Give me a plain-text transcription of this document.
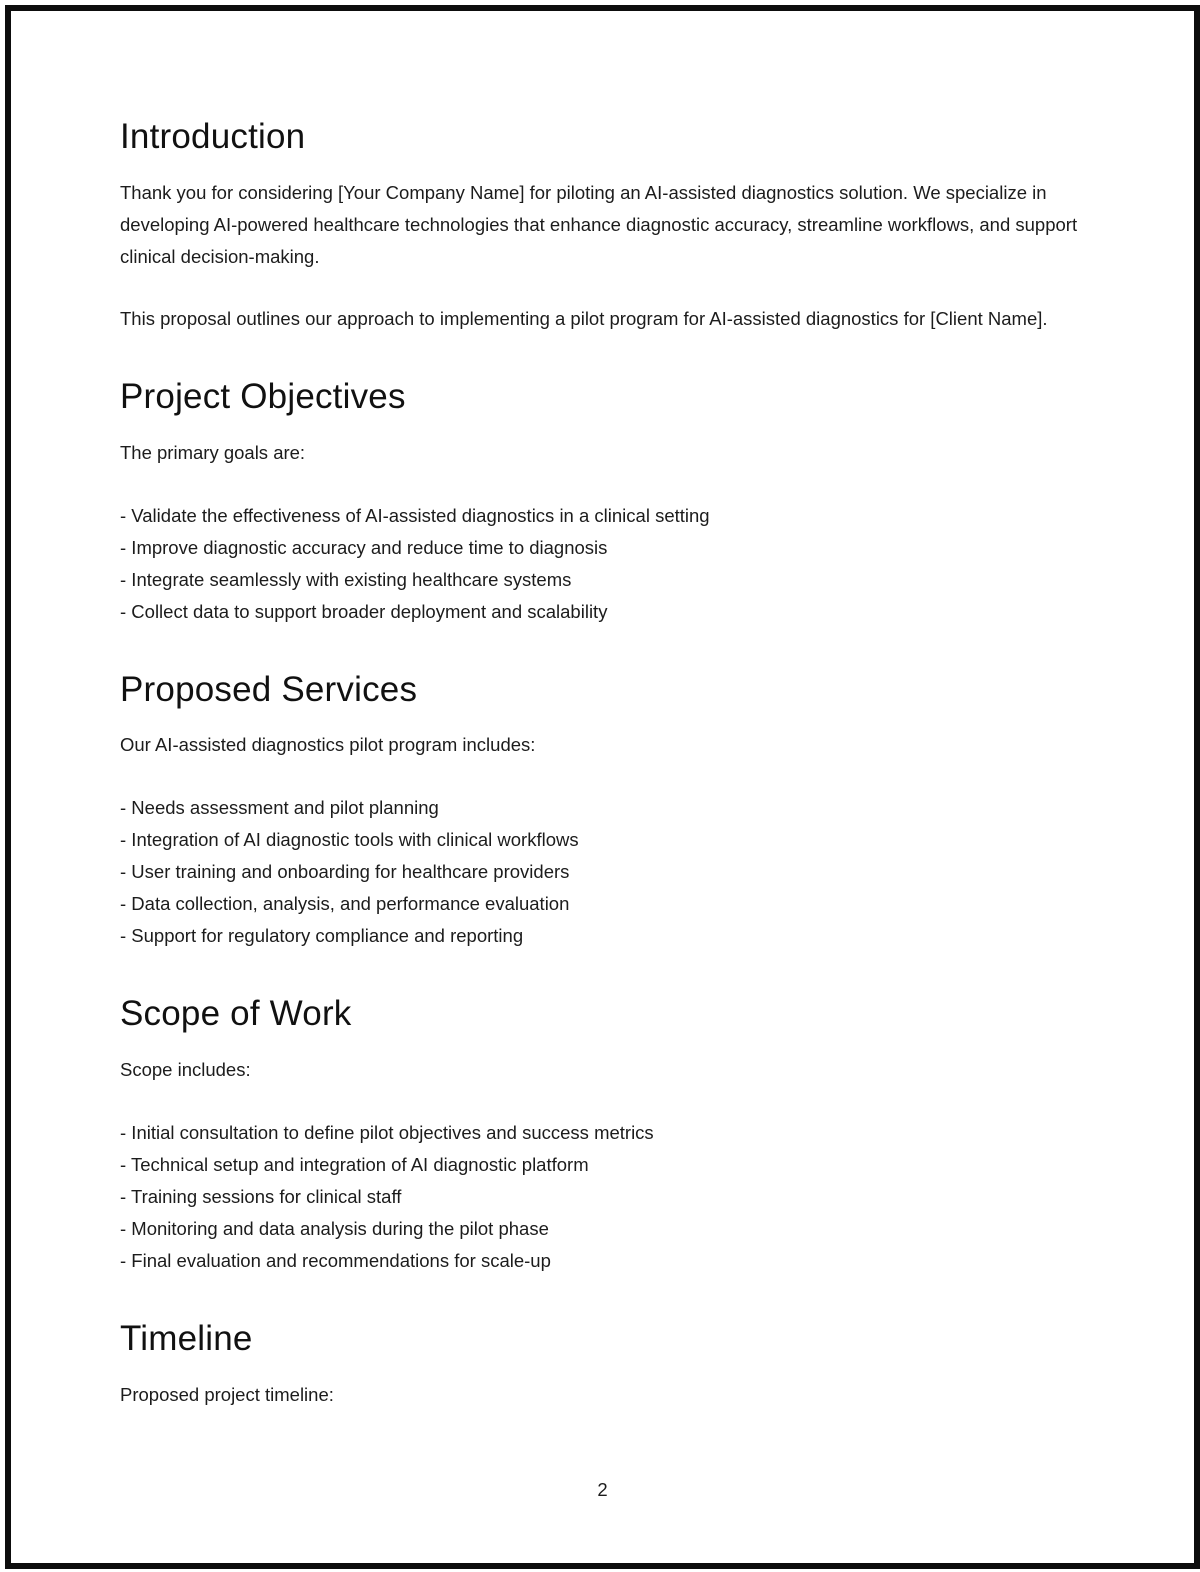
Introduction

Thank you for considering [Your Company Name] for piloting an AI-assisted diagnostics solution. We specialize in developing AI-powered healthcare technologies that enhance diagnostic accuracy, streamline workflows, and support clinical decision-making.

This proposal outlines our approach to implementing a pilot program for AI-assisted diagnostics for [Client Name].

Project Objectives

The primary goals are:

- Validate the effectiveness of AI-assisted diagnostics in a clinical setting

- Improve diagnostic accuracy and reduce time to diagnosis

- Integrate seamlessly with existing healthcare systems

- Collect data to support broader deployment and scalability

Proposed Services

Our AI-assisted diagnostics pilot program includes:

- Needs assessment and pilot planning

- Integration of AI diagnostic tools with clinical workflows

- User training and onboarding for healthcare providers

- Data collection, analysis, and performance evaluation

- Support for regulatory compliance and reporting

Scope of Work

Scope includes:

- Initial consultation to define pilot objectives and success metrics

- Technical setup and integration of AI diagnostic platform

- Training sessions for clinical staff

- Monitoring and data analysis during the pilot phase

- Final evaluation and recommendations for scale-up

Timeline

Proposed project timeline:

2
